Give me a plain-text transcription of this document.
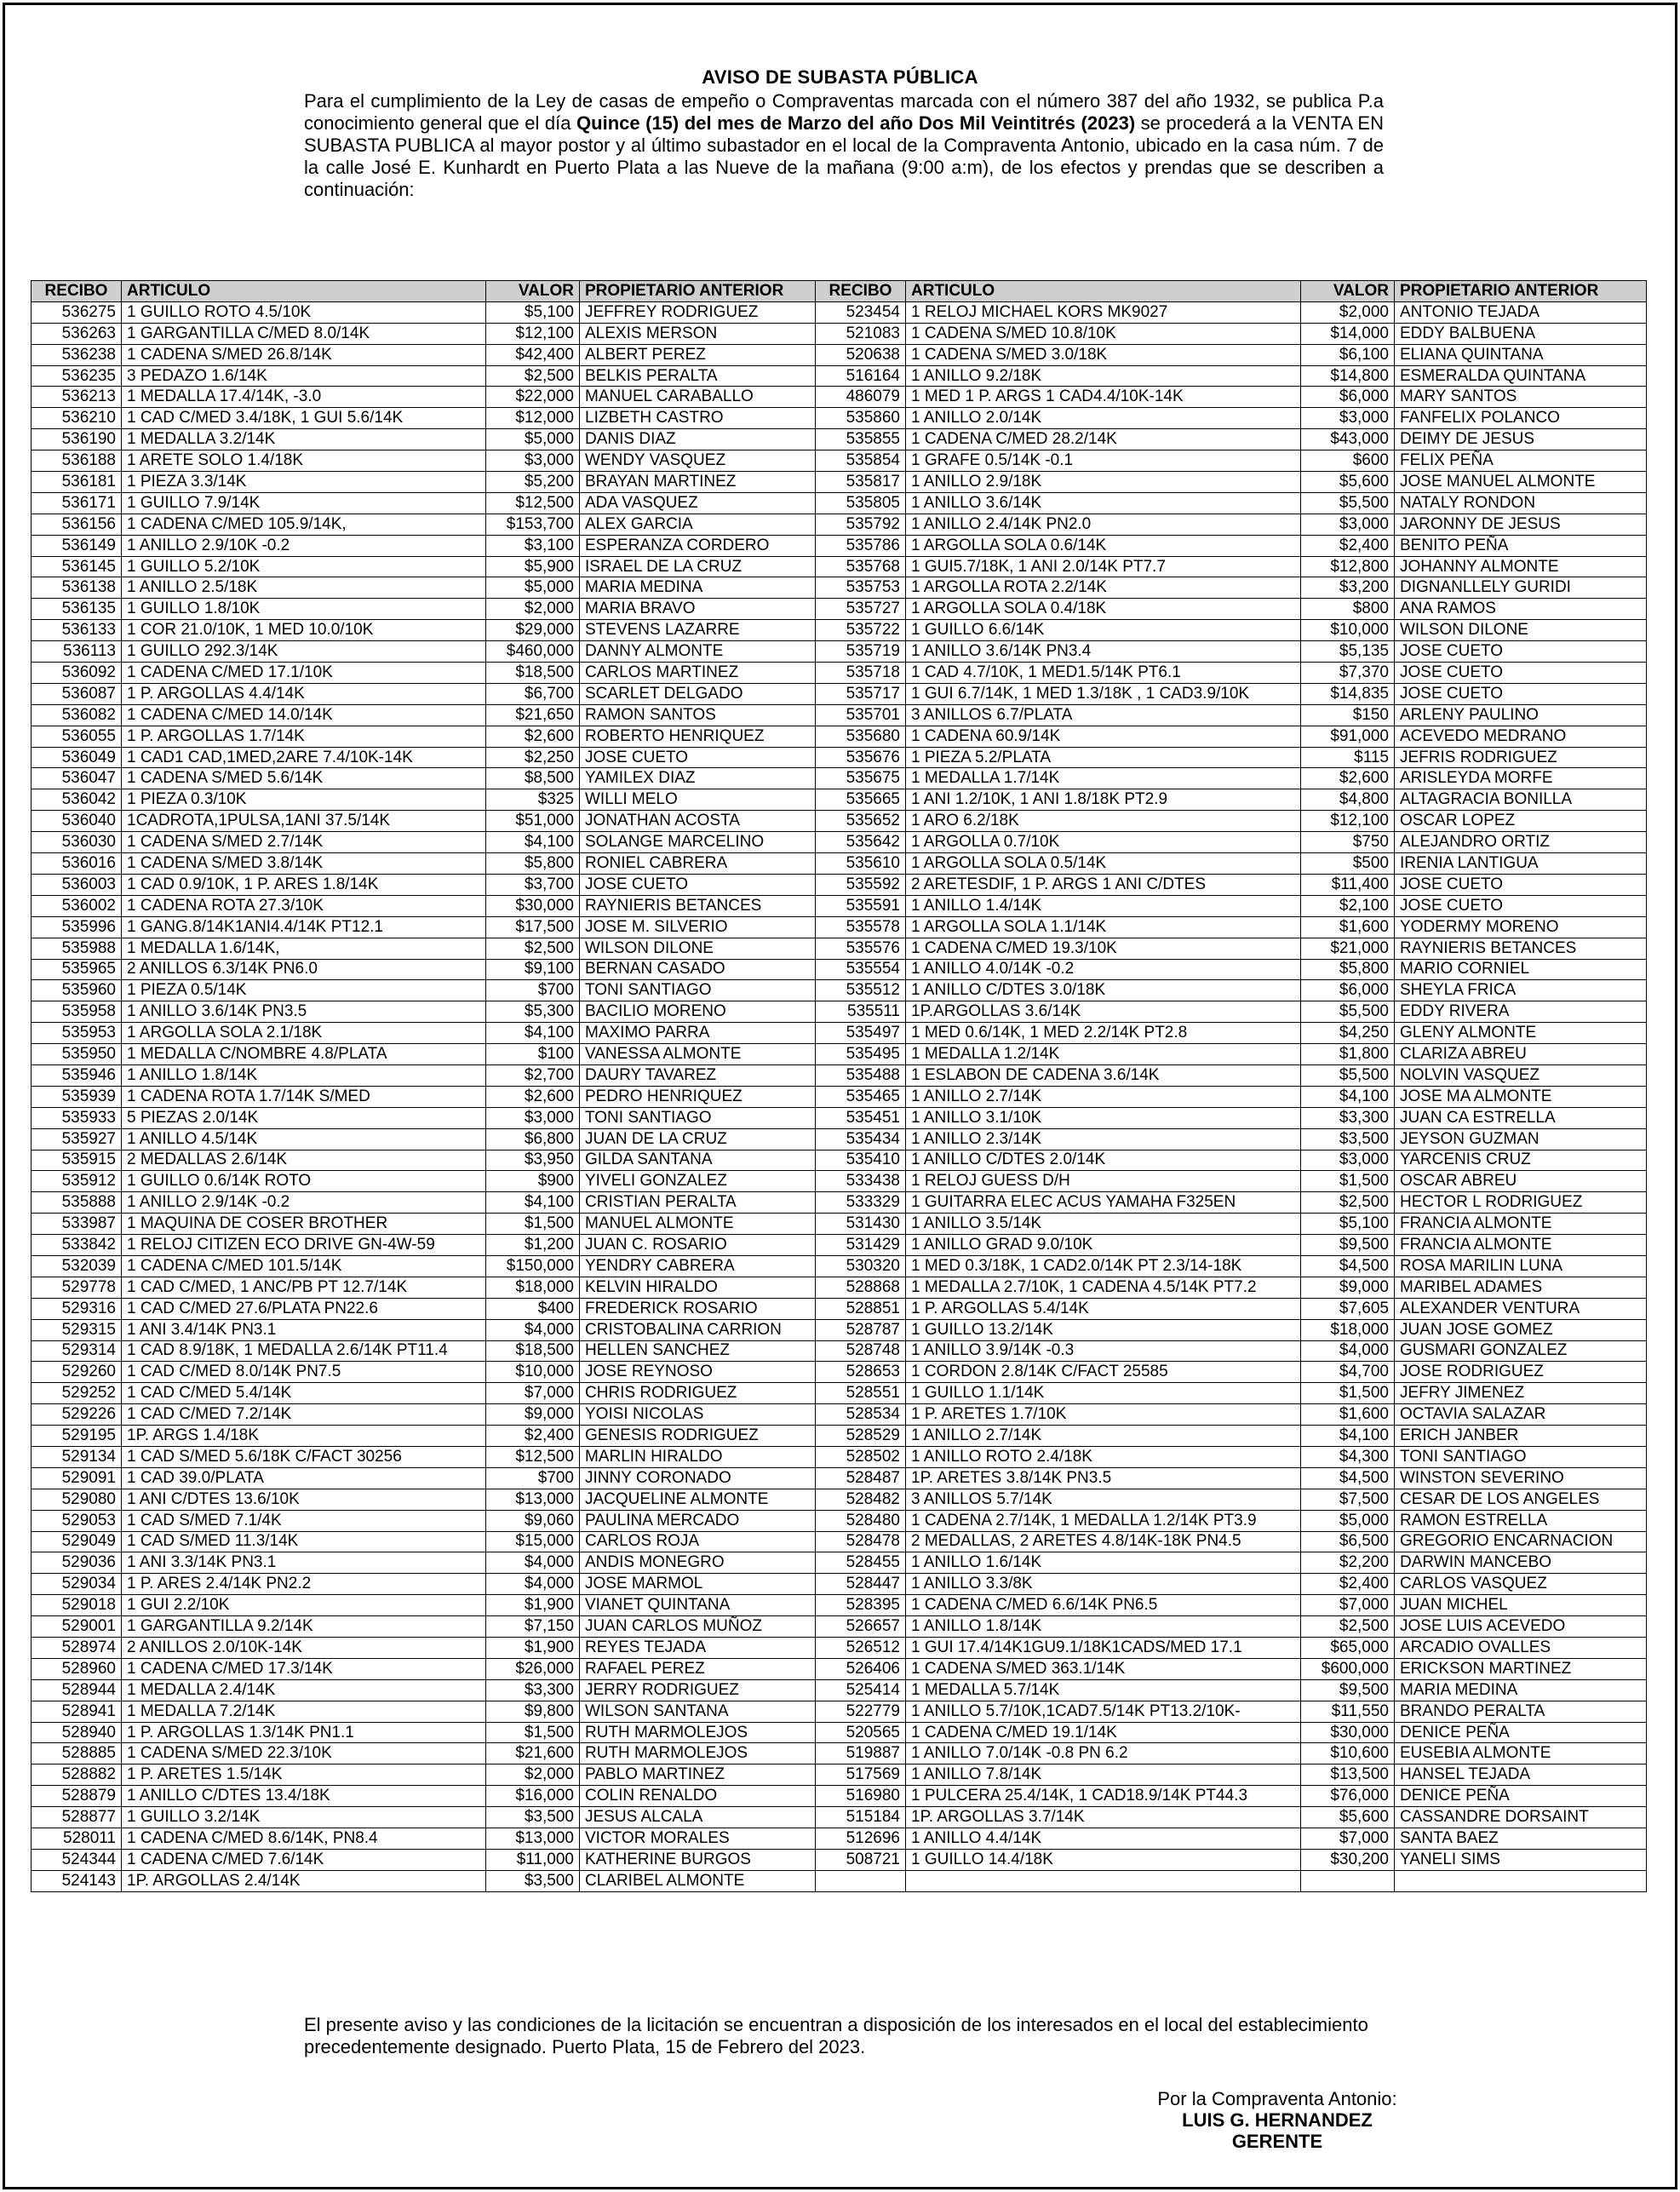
AVISO DE SUBASTA PÚBLICA
Para el cumplimiento de la Ley de casas de empeño o Compraventas marcada con el número 387 del año 1932, se publica P.a conocimiento general que el día Quince (15) del mes de Marzo del año Dos Mil Veintitrés (2023) se procederá a la VENTA EN SUBASTA PUBLICA al mayor postor y al último subastador en el local de la Compraventa Antonio, ubicado en la casa núm. 7 de la calle José E. Kunhardt en Puerto Plata a las Nueve de la mañana (9:00 a:m), de los efectos y prendas que se describen a continuación:
RECIBO	ARTICULO	VALOR	PROPIETARIO ANTERIOR	RECIBO	ARTICULO	VALOR	PROPIETARIO ANTERIOR
536275	1 GUILLO ROTO 4.5/10K	$5,100	JEFFREY RODRIGUEZ	523454	1 RELOJ MICHAEL KORS MK9027	$2,000	ANTONIO TEJADA
536263	1 GARGANTILLA C/MED 8.0/14K	$12,100	ALEXIS MERSON	521083	1 CADENA S/MED 10.8/10K	$14,000	EDDY BALBUENA
536238	1 CADENA S/MED 26.8/14K	$42,400	ALBERT PEREZ	520638	1 CADENA S/MED 3.0/18K	$6,100	ELIANA QUINTANA
536235	3 PEDAZO 1.6/14K	$2,500	BELKIS PERALTA	516164	1 ANILLO 9.2/18K	$14,800	ESMERALDA QUINTANA
536213	1 MEDALLA 17.4/14K, -3.0	$22,000	MANUEL CARABALLO	486079	1 MED 1 P. ARGS 1 CAD4.4/10K-14K	$6,000	MARY SANTOS
536210	1 CAD C/MED 3.4/18K, 1 GUI 5.6/14K	$12,000	LIZBETH CASTRO	535860	1 ANILLO 2.0/14K	$3,000	FANFELIX POLANCO
536190	1 MEDALLA 3.2/14K	$5,000	DANIS DIAZ	535855	1 CADENA C/MED 28.2/14K	$43,000	DEIMY DE JESUS
536188	1 ARETE SOLO 1.4/18K	$3,000	WENDY VASQUEZ	535854	1 GRAFE 0.5/14K -0.1	$600	FELIX PEÑA
536181	1 PIEZA 3.3/14K	$5,200	BRAYAN MARTINEZ	535817	1 ANILLO 2.9/18K	$5,600	JOSE MANUEL ALMONTE
536171	1 GUILLO 7.9/14K	$12,500	ADA VASQUEZ	535805	1 ANILLO 3.6/14K	$5,500	NATALY RONDON
536156	1 CADENA C/MED 105.9/14K,	$153,700	ALEX GARCIA	535792	1 ANILLO 2.4/14K PN2.0	$3,000	JARONNY DE JESUS
536149	1 ANILLO 2.9/10K -0.2	$3,100	ESPERANZA CORDERO	535786	1 ARGOLLA SOLA 0.6/14K	$2,400	BENITO PEÑA
536145	1 GUILLO 5.2/10K	$5,900	ISRAEL DE LA CRUZ	535768	1 GUI5.7/18K, 1 ANI 2.0/14K PT7.7	$12,800	JOHANNY ALMONTE
536138	1 ANILLO 2.5/18K	$5,000	MARIA MEDINA	535753	1 ARGOLLA ROTA 2.2/14K	$3,200	DIGNANLLELY GURIDI
536135	1 GUILLO 1.8/10K	$2,000	MARIA BRAVO	535727	1 ARGOLLA SOLA 0.4/18K	$800	ANA RAMOS
536133	1 COR 21.0/10K, 1 MED 10.0/10K	$29,000	STEVENS LAZARRE	535722	1 GUILLO 6.6/14K	$10,000	WILSON DILONE
536113	1 GUILLO 292.3/14K	$460,000	DANNY ALMONTE	535719	1 ANILLO 3.6/14K PN3.4	$5,135	JOSE CUETO
536092	1 CADENA C/MED 17.1/10K	$18,500	CARLOS MARTINEZ	535718	1 CAD 4.7/10K, 1 MED1.5/14K PT6.1	$7,370	JOSE CUETO
536087	1 P. ARGOLLAS 4.4/14K	$6,700	SCARLET DELGADO	535717	1 GUI 6.7/14K, 1 MED 1.3/18K , 1 CAD3.9/10K	$14,835	JOSE CUETO
536082	1 CADENA C/MED 14.0/14K	$21,650	RAMON SANTOS	535701	3 ANILLOS 6.7/PLATA	$150	ARLENY PAULINO
536055	1 P. ARGOLLAS 1.7/14K	$2,600	ROBERTO HENRIQUEZ	535680	1 CADENA 60.9/14K	$91,000	ACEVEDO MEDRANO
536049	1 CAD1 CAD,1MED,2ARE 7.4/10K-14K	$2,250	JOSE CUETO	535676	1 PIEZA 5.2/PLATA	$115	JEFRIS RODRIGUEZ
536047	1 CADENA S/MED 5.6/14K	$8,500	YAMILEX DIAZ	535675	1 MEDALLA 1.7/14K	$2,600	ARISLEYDA MORFE
536042	1 PIEZA 0.3/10K	$325	WILLI MELO	535665	1 ANI 1.2/10K, 1 ANI 1.8/18K PT2.9	$4,800	ALTAGRACIA BONILLA
536040	1CADROTA,1PULSA,1ANI 37.5/14K	$51,000	JONATHAN ACOSTA	535652	1 ARO 6.2/18K	$12,100	OSCAR LOPEZ
536030	1 CADENA S/MED 2.7/14K	$4,100	SOLANGE MARCELINO	535642	1 ARGOLLA 0.7/10K	$750	ALEJANDRO ORTIZ
536016	1 CADENA S/MED 3.8/14K	$5,800	RONIEL CABRERA	535610	1 ARGOLLA SOLA 0.5/14K	$500	IRENIA LANTIGUA
536003	1 CAD 0.9/10K, 1 P. ARES 1.8/14K	$3,700	JOSE CUETO	535592	2 ARETESDIF, 1 P. ARGS 1 ANI C/DTES	$11,400	JOSE CUETO
536002	1 CADENA ROTA 27.3/10K	$30,000	RAYNIERIS BETANCES	535591	1 ANILLO 1.4/14K	$2,100	JOSE CUETO
535996	1 GANG.8/14K1ANI4.4/14K PT12.1	$17,500	JOSE M. SILVERIO	535578	1 ARGOLLA SOLA 1.1/14K	$1,600	YODERMY MORENO
535988	1 MEDALLA 1.6/14K,	$2,500	WILSON DILONE	535576	1 CADENA C/MED 19.3/10K	$21,000	RAYNIERIS BETANCES
535965	2 ANILLOS 6.3/14K PN6.0	$9,100	BERNAN CASADO	535554	1 ANILLO 4.0/14K -0.2	$5,800	MARIO CORNIEL
535960	1 PIEZA 0.5/14K	$700	TONI SANTIAGO	535512	1 ANILLO C/DTES 3.0/18K	$6,000	SHEYLA FRICA
535958	1 ANILLO 3.6/14K PN3.5	$5,300	BACILIO MORENO	535511	1P.ARGOLLAS 3.6/14K	$5,500	EDDY RIVERA
535953	1 ARGOLLA SOLA 2.1/18K	$4,100	MAXIMO PARRA	535497	1 MED 0.6/14K, 1 MED 2.2/14K PT2.8	$4,250	GLENY ALMONTE
535950	1 MEDALLA C/NOMBRE 4.8/PLATA	$100	VANESSA ALMONTE	535495	1 MEDALLA 1.2/14K	$1,800	CLARIZA ABREU
535946	1 ANILLO 1.8/14K	$2,700	DAURY TAVAREZ	535488	1 ESLABON DE CADENA 3.6/14K	$5,500	NOLVIN VASQUEZ
535939	1 CADENA ROTA 1.7/14K S/MED	$2,600	PEDRO HENRIQUEZ	535465	1 ANILLO 2.7/14K	$4,100	JOSE MA ALMONTE
535933	5 PIEZAS 2.0/14K	$3,000	TONI SANTIAGO	535451	1 ANILLO 3.1/10K	$3,300	JUAN CA ESTRELLA
535927	1 ANILLO 4.5/14K	$6,800	JUAN DE LA CRUZ	535434	1 ANILLO 2.3/14K	$3,500	JEYSON GUZMAN
535915	2 MEDALLAS 2.6/14K	$3,950	GILDA SANTANA	535410	1 ANILLO C/DTES 2.0/14K	$3,000	YARCENIS CRUZ
535912	1 GUILLO 0.6/14K ROTO	$900	YIVELI GONZALEZ	533438	1 RELOJ GUESS D/H	$1,500	OSCAR ABREU
535888	1 ANILLO 2.9/14K -0.2	$4,100	CRISTIAN PERALTA	533329	1 GUITARRA ELEC ACUS YAMAHA F325EN	$2,500	HECTOR L RODRIGUEZ
533987	1 MAQUINA DE COSER BROTHER	$1,500	MANUEL ALMONTE	531430	1 ANILLO 3.5/14K	$5,100	FRANCIA ALMONTE
533842	1 RELOJ CITIZEN ECO DRIVE GN-4W-59	$1,200	JUAN C. ROSARIO	531429	1 ANILLO GRAD 9.0/10K	$9,500	FRANCIA ALMONTE
532039	1 CADENA C/MED 101.5/14K	$150,000	YENDRY CABRERA	530320	1 MED 0.3/18K, 1 CAD2.0/14K PT 2.3/14-18K	$4,500	ROSA MARILIN LUNA
529778	1 CAD C/MED, 1 ANC/PB PT 12.7/14K	$18,000	KELVIN HIRALDO	528868	1 MEDALLA 2.7/10K, 1 CADENA 4.5/14K PT7.2	$9,000	MARIBEL ADAMES
529316	1 CAD C/MED 27.6/PLATA PN22.6	$400	FREDERICK ROSARIO	528851	1 P. ARGOLLAS 5.4/14K	$7,605	ALEXANDER VENTURA
529315	1 ANI 3.4/14K PN3.1	$4,000	CRISTOBALINA CARRION	528787	1 GUILLO 13.2/14K	$18,000	JUAN JOSE GOMEZ
529314	1 CAD 8.9/18K, 1 MEDALLA 2.6/14K PT11.4	$18,500	HELLEN SANCHEZ	528748	1 ANILLO 3.9/14K -0.3	$4,000	GUSMARI GONZALEZ
529260	1 CAD C/MED 8.0/14K PN7.5	$10,000	JOSE REYNOSO	528653	1 CORDON 2.8/14K C/FACT 25585	$4,700	JOSE RODRIGUEZ
529252	1 CAD C/MED 5.4/14K	$7,000	CHRIS RODRIGUEZ	528551	1 GUILLO 1.1/14K	$1,500	JEFRY JIMENEZ
529226	1 CAD C/MED 7.2/14K	$9,000	YOISI NICOLAS	528534	1 P. ARETES 1.7/10K	$1,600	OCTAVIA SALAZAR
529195	1P. ARGS 1.4/18K	$2,400	GENESIS RODRIGUEZ	528529	1 ANILLO 2.7/14K	$4,100	ERICH JANBER
529134	1 CAD S/MED 5.6/18K C/FACT 30256	$12,500	MARLIN HIRALDO	528502	1 ANILLO ROTO 2.4/18K	$4,300	TONI SANTIAGO
529091	1 CAD 39.0/PLATA	$700	JINNY CORONADO	528487	1P. ARETES 3.8/14K PN3.5	$4,500	WINSTON SEVERINO
529080	1 ANI C/DTES 13.6/10K	$13,000	JACQUELINE ALMONTE	528482	3 ANILLOS 5.7/14K	$7,500	CESAR DE LOS ANGELES
529053	1 CAD S/MED 7.1/4K	$9,060	PAULINA MERCADO	528480	1 CADENA 2.7/14K, 1 MEDALLA 1.2/14K PT3.9	$5,000	RAMON ESTRELLA
529049	1 CAD S/MED 11.3/14K	$15,000	CARLOS ROJA	528478	2 MEDALLAS, 2 ARETES 4.8/14K-18K PN4.5	$6,500	GREGORIO ENCARNACION
529036	1 ANI 3.3/14K PN3.1	$4,000	ANDIS MONEGRO	528455	1 ANILLO 1.6/14K	$2,200	DARWIN MANCEBO
529034	1 P. ARES 2.4/14K PN2.2	$4,000	JOSE MARMOL	528447	1 ANILLO 3.3/8K	$2,400	CARLOS VASQUEZ
529018	1 GUI 2.2/10K	$1,900	VIANET QUINTANA	528395	1 CADENA C/MED 6.6/14K PN6.5	$7,000	JUAN MICHEL
529001	1 GARGANTILLA 9.2/14K	$7,150	JUAN CARLOS MUÑOZ	526657	1 ANILLO 1.8/14K	$2,500	JOSE LUIS ACEVEDO
528974	2 ANILLOS 2.0/10K-14K	$1,900	REYES TEJADA	526512	1 GUI 17.4/14K1GU9.1/18K1CADS/MED 17.1	$65,000	ARCADIO OVALLES
528960	1 CADENA C/MED 17.3/14K	$26,000	RAFAEL PEREZ	526406	1 CADENA S/MED 363.1/14K	$600,000	ERICKSON MARTINEZ
528944	1 MEDALLA 2.4/14K	$3,300	JERRY RODRIGUEZ	525414	1 MEDALLA 5.7/14K	$9,500	MARIA MEDINA
528941	1 MEDALLA 7.2/14K	$9,800	WILSON SANTANA	522779	1 ANILLO 5.7/10K,1CAD7.5/14K PT13.2/10K-	$11,550	BRANDO PERALTA
528940	1 P. ARGOLLAS 1.3/14K PN1.1	$1,500	RUTH MARMOLEJOS	520565	1 CADENA C/MED 19.1/14K	$30,000	DENICE PEÑA
528885	1 CADENA S/MED 22.3/10K	$21,600	RUTH MARMOLEJOS	519887	1 ANILLO 7.0/14K -0.8 PN 6.2	$10,600	EUSEBIA ALMONTE
528882	1 P. ARETES 1.5/14K	$2,000	PABLO MARTINEZ	517569	1 ANILLO 7.8/14K	$13,500	HANSEL TEJADA
528879	1 ANILLO C/DTES 13.4/18K	$16,000	COLIN RENALDO	516980	1 PULCERA 25.4/14K, 1 CAD18.9/14K PT44.3	$76,000	DENICE PEÑA
528877	1 GUILLO 3.2/14K	$3,500	JESUS ALCALA	515184	1P. ARGOLLAS 3.7/14K	$5,600	CASSANDRE DORSAINT
528011	1 CADENA C/MED 8.6/14K, PN8.4	$13,000	VICTOR MORALES	512696	1 ANILLO 4.4/14K	$7,000	SANTA BAEZ
524344	1 CADENA C/MED 7.6/14K	$11,000	KATHERINE BURGOS	508721	1 GUILLO 14.4/18K	$30,200	YANELI SIMS
524143	1P. ARGOLLAS 2.4/14K	$3,500	CLARIBEL ALMONTE				
El presente aviso y las condiciones de la licitación se encuentran a disposición de los interesados en el local del establecimiento precedentemente designado. Puerto Plata, 15 de Febrero del 2023.
Por la Compraventa Antonio:
LUIS G. HERNANDEZ
GERENTE
